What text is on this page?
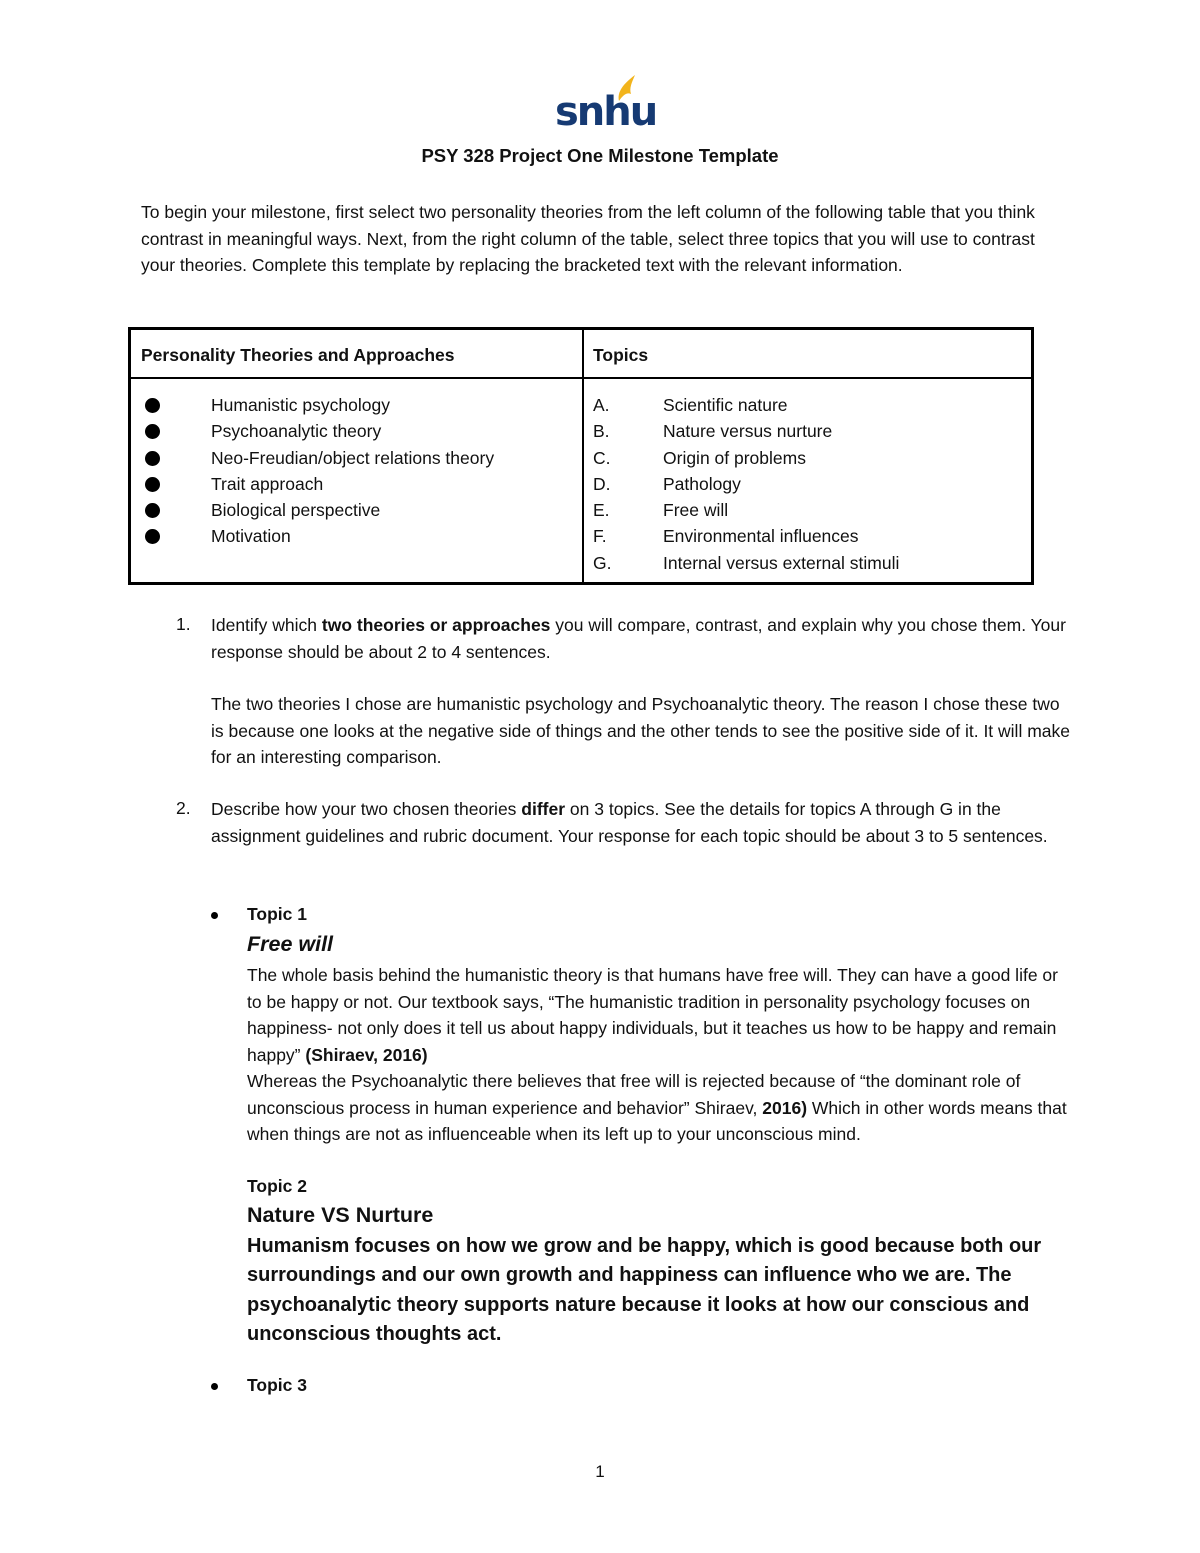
snhu
PSY 328 Project One Milestone Template
To begin your milestone, first select two personality theories from the left column of the following table that you think contrast in meaningful ways. Next, from the right column of the table, select three topics that you will use to contrast your theories. Complete this template by replacing the bracketed text with the relevant information.
Personality Theories and Approaches	Topics
Humanistic psychology
Psychoanalytic theory
Neo-Freudian/object relations theory
Trait approach
Biological perspective
Motivation
A.	Scientific nature
B.	Nature versus nurture
C.	Origin of problems
D.	Pathology
E.	Free will
F.	Environmental influences
G.	Internal versus external stimuli
1. Identify which two theories or approaches you will compare, contrast, and explain why you chose them. Your response should be about 2 to 4 sentences.
The two theories I chose are humanistic psychology and Psychoanalytic theory. The reason I chose these two is because one looks at the negative side of things and the other tends to see the positive side of it. It will make for an interesting comparison.
2. Describe how your two chosen theories differ on 3 topics. See the details for topics A through G in the assignment guidelines and rubric document. Your response for each topic should be about 3 to 5 sentences.
Topic 1
Free will
The whole basis behind the humanistic theory is that humans have free will. They can have a good life or to be happy or not. Our textbook says, “The humanistic tradition in personality psychology focuses on happiness- not only does it tell us about happy individuals, but it teaches us how to be happy and remain happy” (Shiraev, 2016)
Whereas the Psychoanalytic there believes that free will is rejected because of “the dominant role of unconscious process in human experience and behavior” Shiraev, 2016) Which in other words means that when things are not as influenceable when its left up to your unconscious mind.
Topic 2
Nature VS Nurture
Humanism focuses on how we grow and be happy, which is good because both our surroundings and our own growth and happiness can influence who we are. The psychoanalytic theory supports nature because it looks at how our conscious and unconscious thoughts act.
Topic 3
1
